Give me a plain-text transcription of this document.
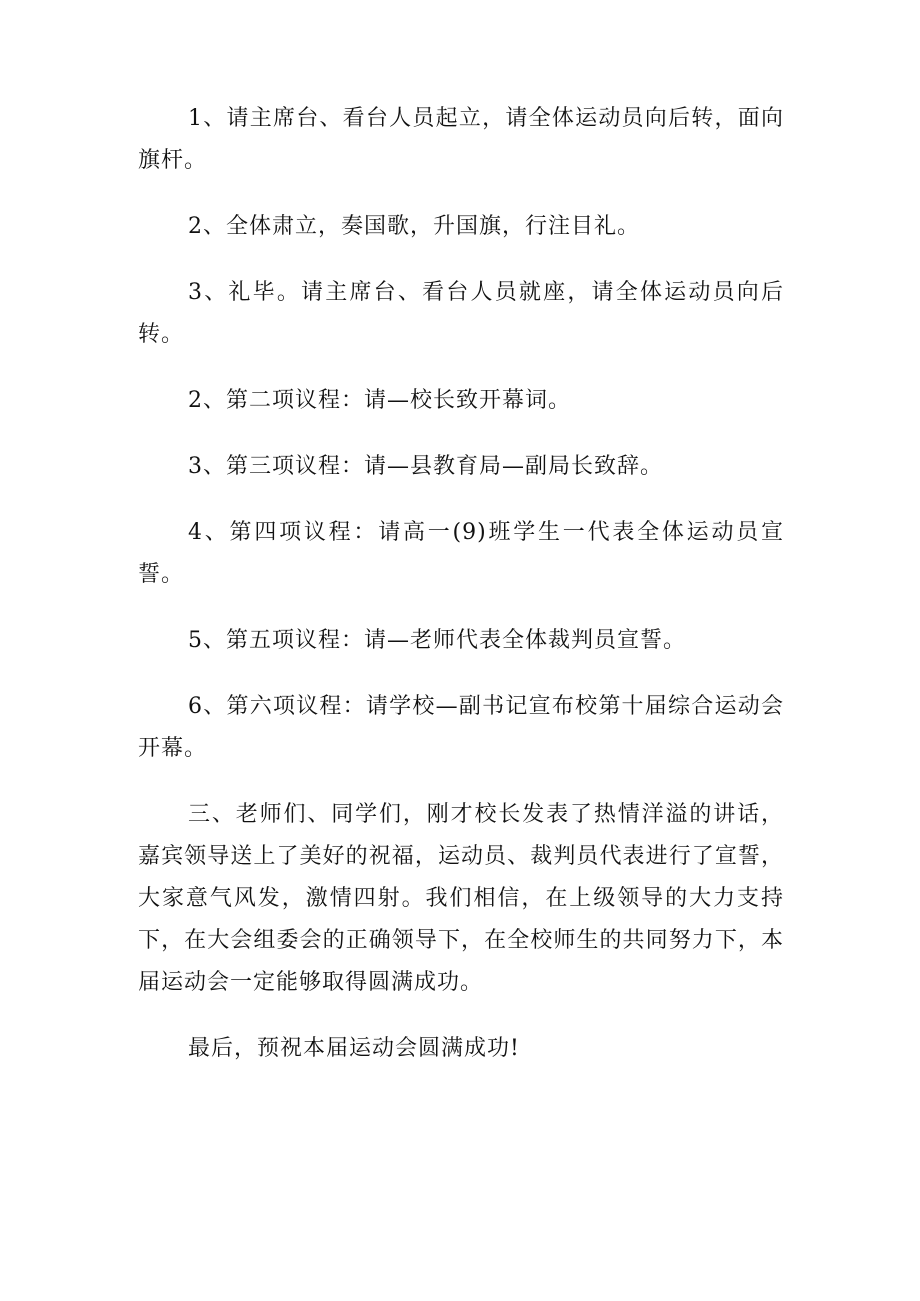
1、请主席台、看台人员起立，请全体运动员向后转，面向旗杆。

2、全体肃立，奏国歌，升国旗，行注目礼。

3、礼毕。请主席台、看台人员就座，请全体运动员向后转。

2、第二项议程：请—校长致开幕词。

3、第三项议程：请—县教育局—副局长致辞。

4、第四项议程：请高一(9)班学生一代表全体运动员宣誓。

5、第五项议程：请—老师代表全体裁判员宣誓。

6、第六项议程：请学校—副书记宣布校第十届综合运动会开幕。

三、老师们、同学们，刚才校长发表了热情洋溢的讲话，嘉宾领导送上了美好的祝福，运动员、裁判员代表进行了宣誓，大家意气风发，激情四射。我们相信，在上级领导的大力支持下，在大会组委会的正确领导下，在全校师生的共同努力下，本届运动会一定能够取得圆满成功。

最后，预祝本届运动会圆满成功!
